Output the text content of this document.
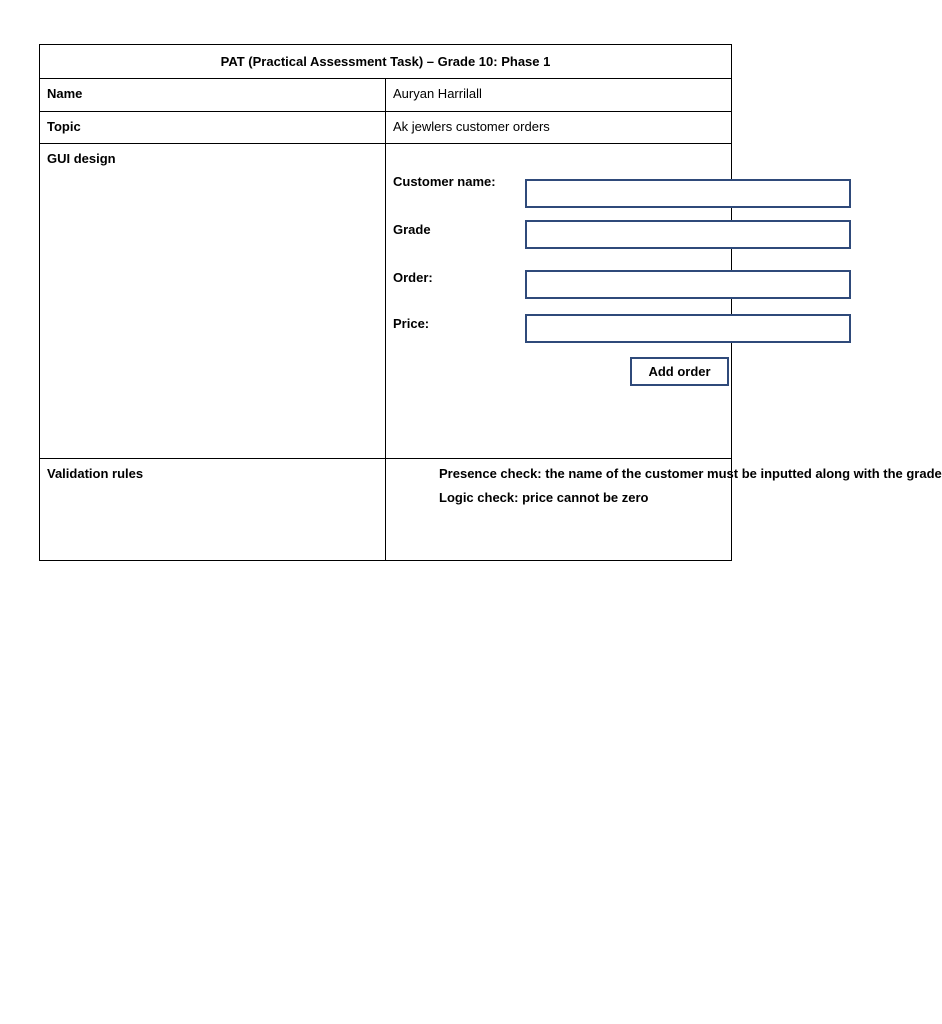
PAT (Practical Assessment Task) – Grade 10: Phase 1	
Name	Auryan Harrilall
Topic	Ak jewlers customer orders
GUI design	Customer name:
Grade
Order:
Price:
Add order

Validation rules	Presence check: the name of the customer must be inputted along with the grade
Logic check: price cannot be zero
